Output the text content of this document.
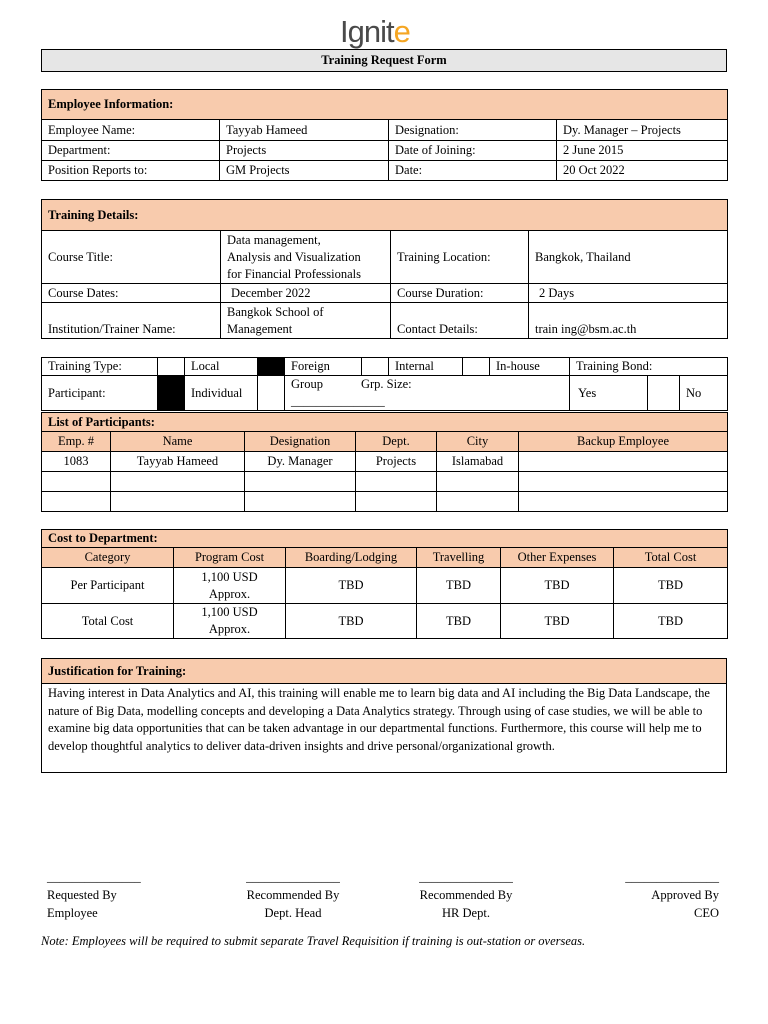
Ignite
Training Request Form
Employee Information:			
Employee Name:	Tayyab Hameed	Designation:	Dy. Manager – Projects
Department:	Projects	Date of Joining:	2 June 2015
Position Reports to:	GM Projects	Date:	20 Oct 2022
Training Details:			
Course Title:	Data management,
Analysis and Visualization
for Financial Professionals	Training Location:	Bangkok, Thailand
Course Dates:	December 2022	Course Duration:	2 Days
Institution/Trainer Name:	Bangkok School of
Management	Contact Details:	train ing@bsm.ac.th
Training Type:		Local		Foreign		Internal		In-house	Training Bond:		
Participant:		Individual		Group Grp. Size: _______________					Yes		No
List of Participants:					
Emp. #	Name	Designation	Dept.	City	Backup Employee
1083	Tayyab Hameed	Dy. Manager	Projects	Islamabad	

Cost to Department:					
Category	Program Cost	Boarding/Lodging	Travelling	Other Expenses	Total Cost
Per Participant	1,100 USD
Approx.	TBD	TBD	TBD	TBD
Total Cost	1,100 USD
Approx.	TBD	TBD	TBD	TBD
Justification for Training:
Having interest in Data Analytics and AI, this training will enable me to learn big data and AI including the Big Data Landscape, the nature of Big Data, modelling concepts and developing a Data Analytics strategy. Through using of case studies, we will be able to examine big data opportunities that can be taken advantage in our departmental functions. Furthermore, this course will help me to develop thoughtful analytics to deliver data-driven insights and drive personal/organizational growth.
_______________
Requested By
Employee
_______________
Recommended By
Dept. Head
_______________
Recommended By
HR Dept.
_______________
Approved By
CEO
Note: Employees will be required to submit separate Travel Requisition if training is out-station or overseas.
